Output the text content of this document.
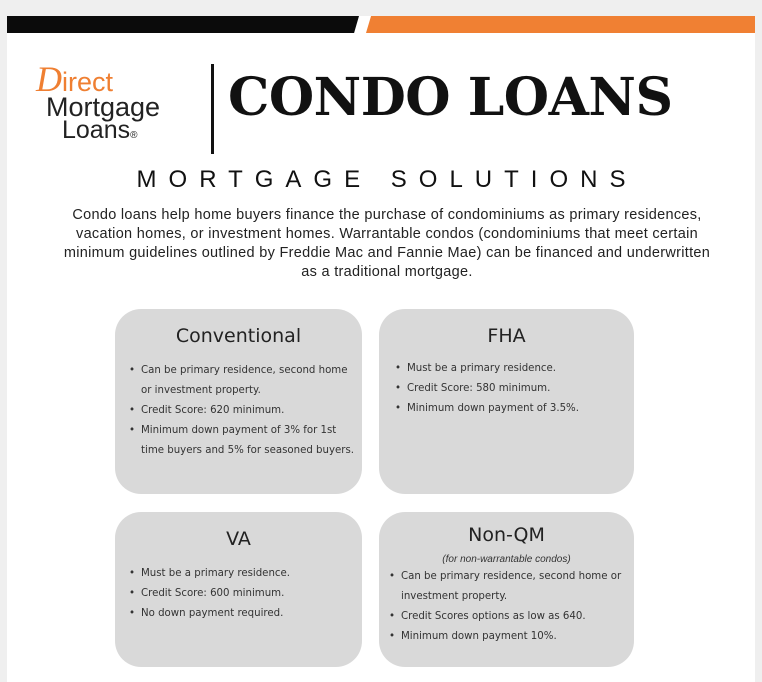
Direct
Mortgage
Loans®
CONDO LOANS
MORTGAGE SOLUTIONS
Condo loans help home buyers finance the purchase of condominiums as primary residences, vacation homes, or investment homes. Warrantable condos (condominiums that meet certain minimum guidelines outlined by Freddie Mac and Fannie Mae) can be financed and underwritten as a traditional mortgage.
Conventional
• Can be primary residence, second home or investment property.
• Credit Score: 620 minimum.
• Minimum down payment of 3% for 1st time buyers and 5% for seasoned buyers.
FHA
• Must be a primary residence.
• Credit Score: 580 minimum.
• Minimum down payment of 3.5%.
VA
• Must be a primary residence.
• Credit Score: 600 minimum.
• No down payment required.
Non-QM
(for non-warrantable condos)
• Can be primary residence, second home or investment property.
• Credit Scores options as low as 640.
• Minimum down payment 10%.
